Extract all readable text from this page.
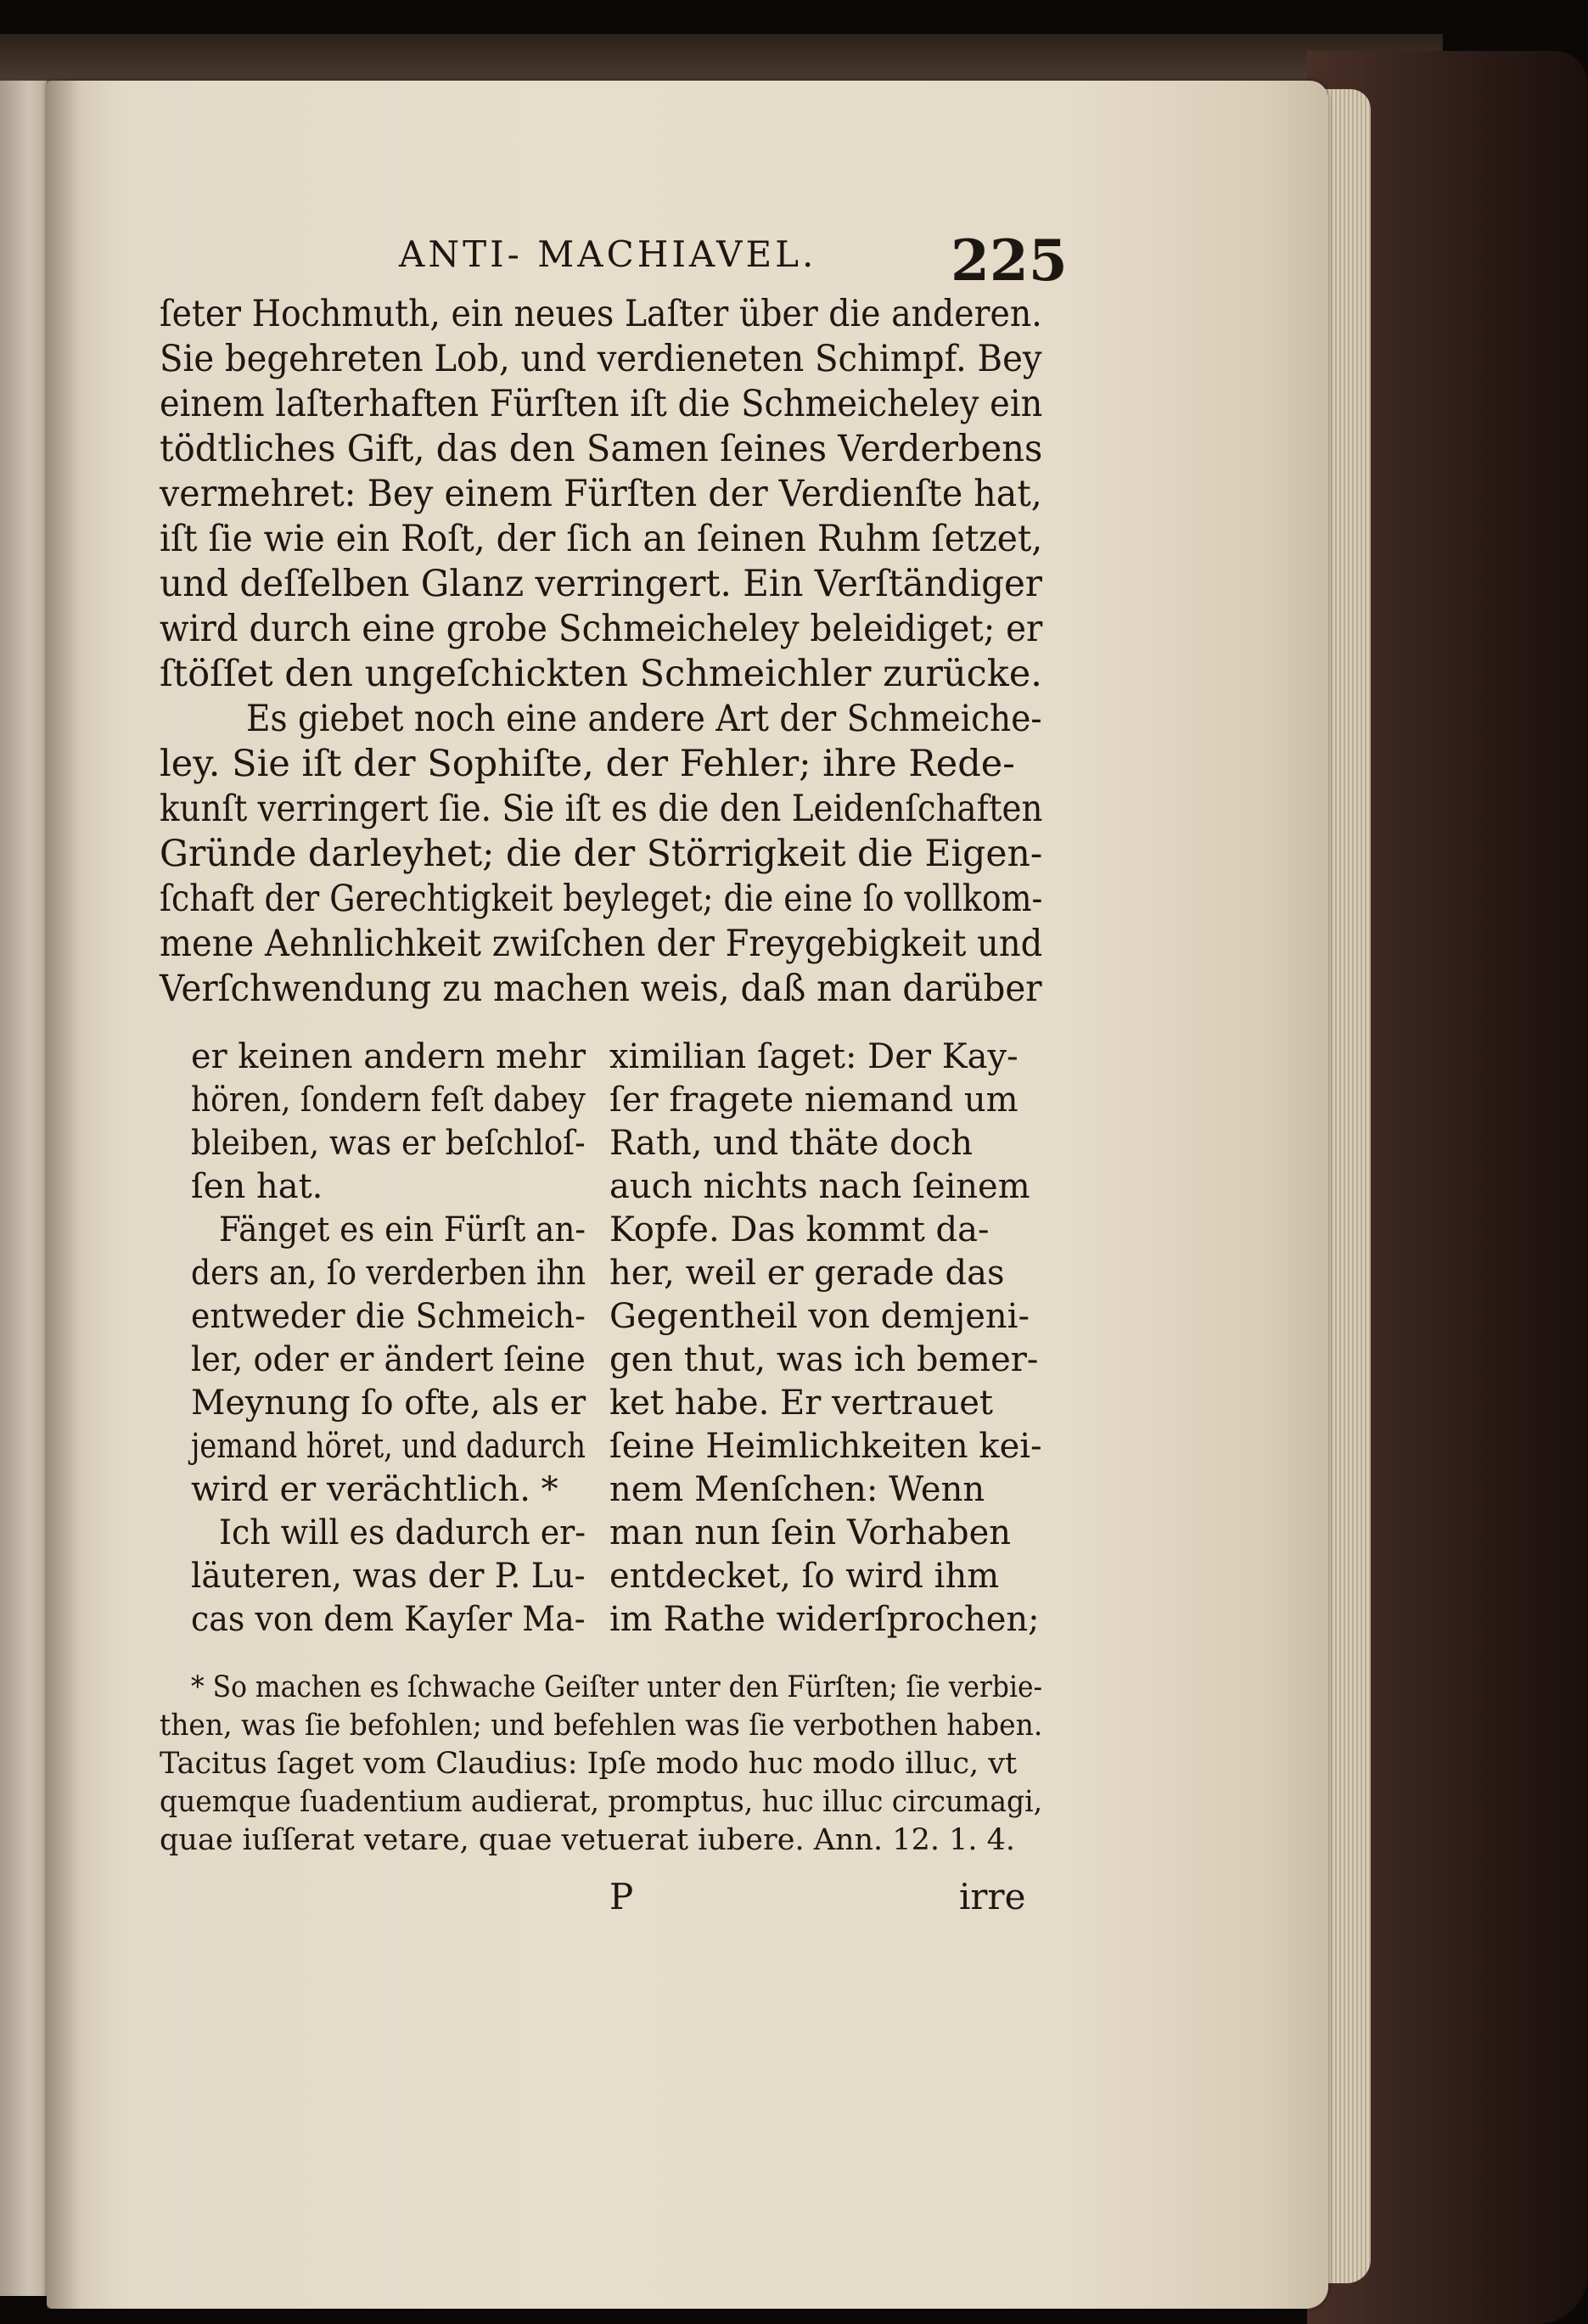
ANTI- MACHIAVEL. 225
ſeter Hochmuth, ein neues Laſter über die anderen.
Sie begehreten Lob, und verdieneten Schimpf. Bey
einem laſterhaften Fürſten iſt die Schmeicheley ein
tödtliches Gift, das den Samen ſeines Verderbens
vermehret: Bey einem Fürſten der Verdienſte hat,
iſt ſie wie ein Roſt, der ſich an ſeinen Ruhm ſetzet,
und deſſelben Glanz verringert. Ein Verſtändiger
wird durch eine grobe Schmeicheley beleidiget; er
ſtöſſet den ungeſchickten Schmeichler zurücke.
Es giebet noch eine andere Art der Schmeiche-
ley. Sie iſt der Sophiſte, der Fehler; ihre Rede-
kunſt verringert ſie. Sie iſt es die den Leidenſchaften
Gründe darleyhet; die der Störrigkeit die Eigen-
ſchaft der Gerechtigkeit beyleget; die eine ſo vollkom-
mene Aehnlichkeit zwiſchen der Freygebigkeit und
Verſchwendung zu machen weis, daß man darüber
er keinen andern mehr
hören, ſondern feſt dabey
bleiben, was er beſchloſ-
ſen hat.
Fänget es ein Fürſt an-
ders an, ſo verderben ihn
entweder die Schmeich-
ler, oder er ändert ſeine
Meynung ſo ofte, als er
jemand höret, und dadurch
wird er verächtlich. *
Ich will es dadurch er-
läuteren, was der P. Lu-
cas von dem Kayſer Ma-
ximilian ſaget: Der Kay-
ſer fragete niemand um
Rath, und thäte doch
auch nichts nach ſeinem
Kopfe. Das kommt da-
her, weil er gerade das
Gegentheil von demjeni-
gen thut, was ich bemer-
ket habe. Er vertrauet
ſeine Heimlichkeiten kei-
nem Menſchen: Wenn
man nun ſein Vorhaben
entdecket, ſo wird ihm
im Rathe widerſprochen;
* So machen es ſchwache Geiſter unter den Fürſten; ſie verbie-
then, was ſie befohlen; und befehlen was ſie verbothen haben.
Tacitus ſaget vom Claudius: Ipſe modo huc modo illuc, vt
quemque ſuadentium audierat, promptus, huc illuc circumagi,
quae iuſſerat vetare, quae vetuerat iubere. Ann. 12. 1. 4.
P	irre
